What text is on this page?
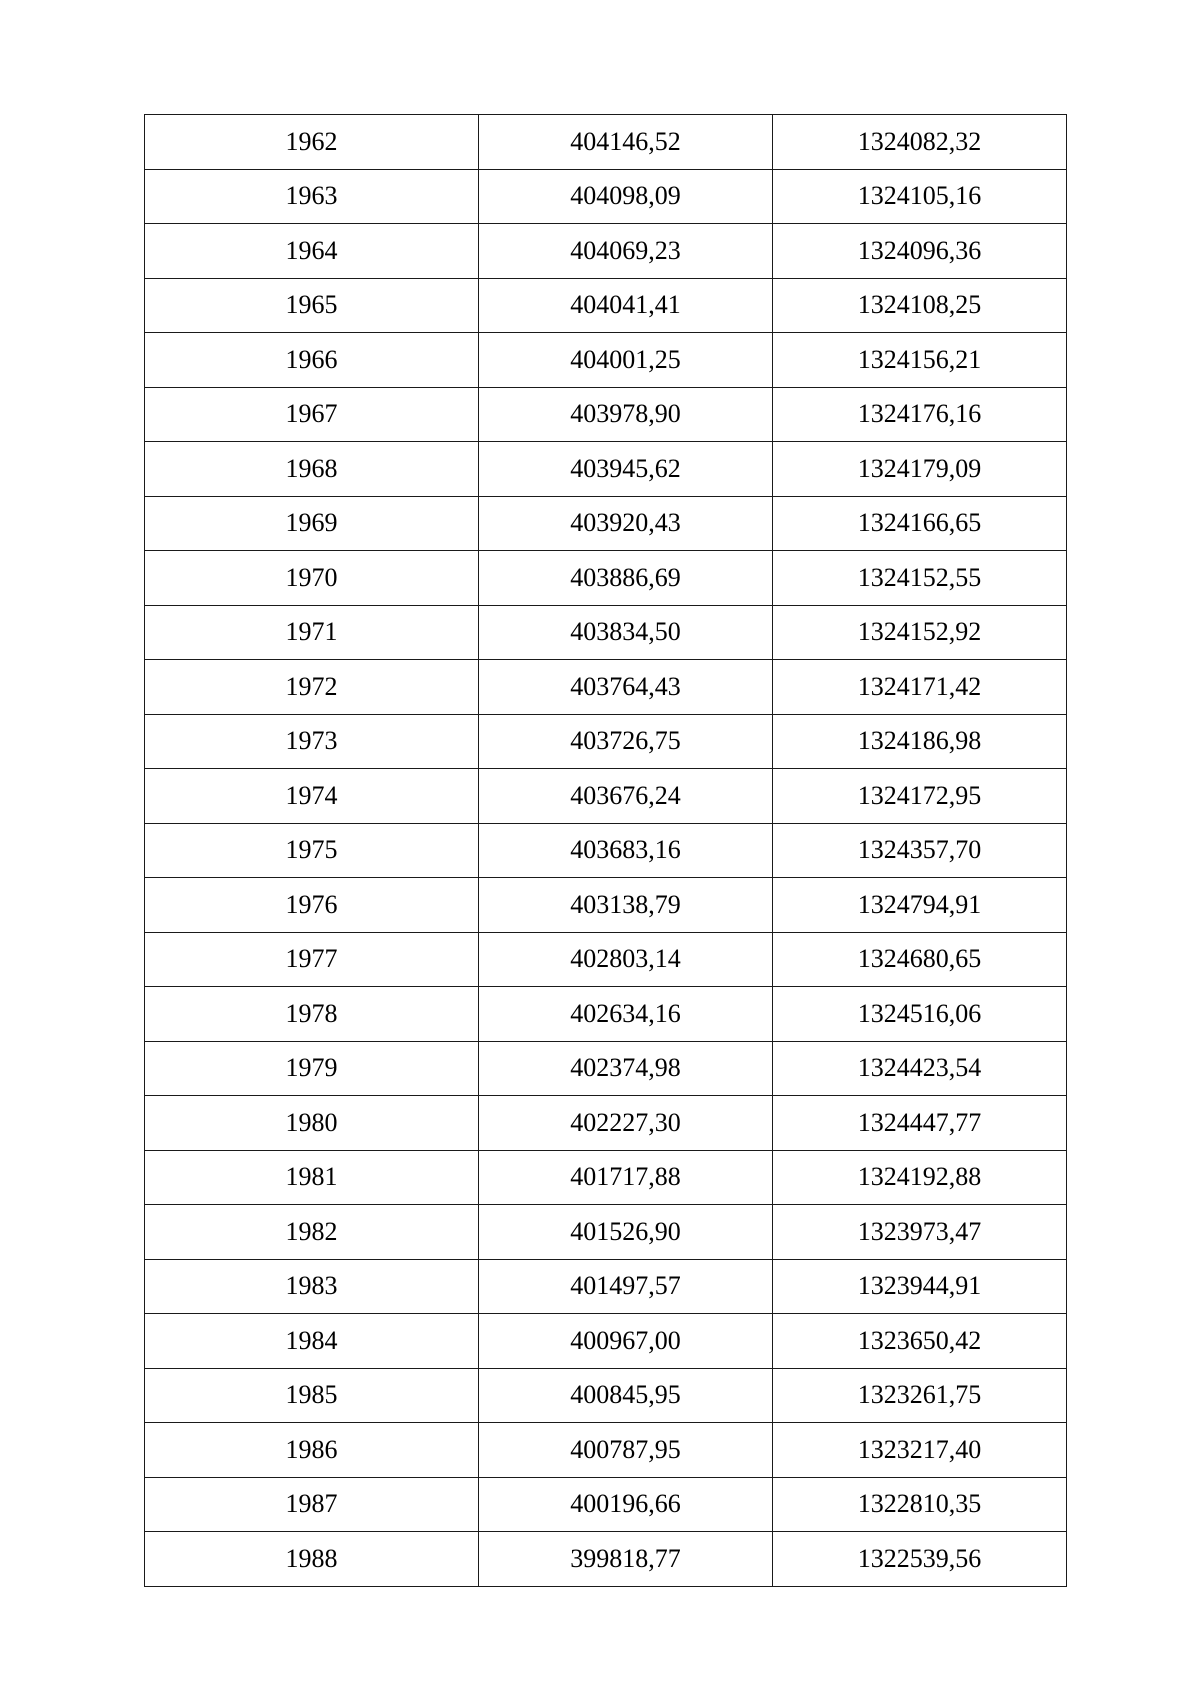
1962	404146,52	1324082,32
1963	404098,09	1324105,16
1964	404069,23	1324096,36
1965	404041,41	1324108,25
1966	404001,25	1324156,21
1967	403978,90	1324176,16
1968	403945,62	1324179,09
1969	403920,43	1324166,65
1970	403886,69	1324152,55
1971	403834,50	1324152,92
1972	403764,43	1324171,42
1973	403726,75	1324186,98
1974	403676,24	1324172,95
1975	403683,16	1324357,70
1976	403138,79	1324794,91
1977	402803,14	1324680,65
1978	402634,16	1324516,06
1979	402374,98	1324423,54
1980	402227,30	1324447,77
1981	401717,88	1324192,88
1982	401526,90	1323973,47
1983	401497,57	1323944,91
1984	400967,00	1323650,42
1985	400845,95	1323261,75
1986	400787,95	1323217,40
1987	400196,66	1322810,35
1988	399818,77	1322539,56
